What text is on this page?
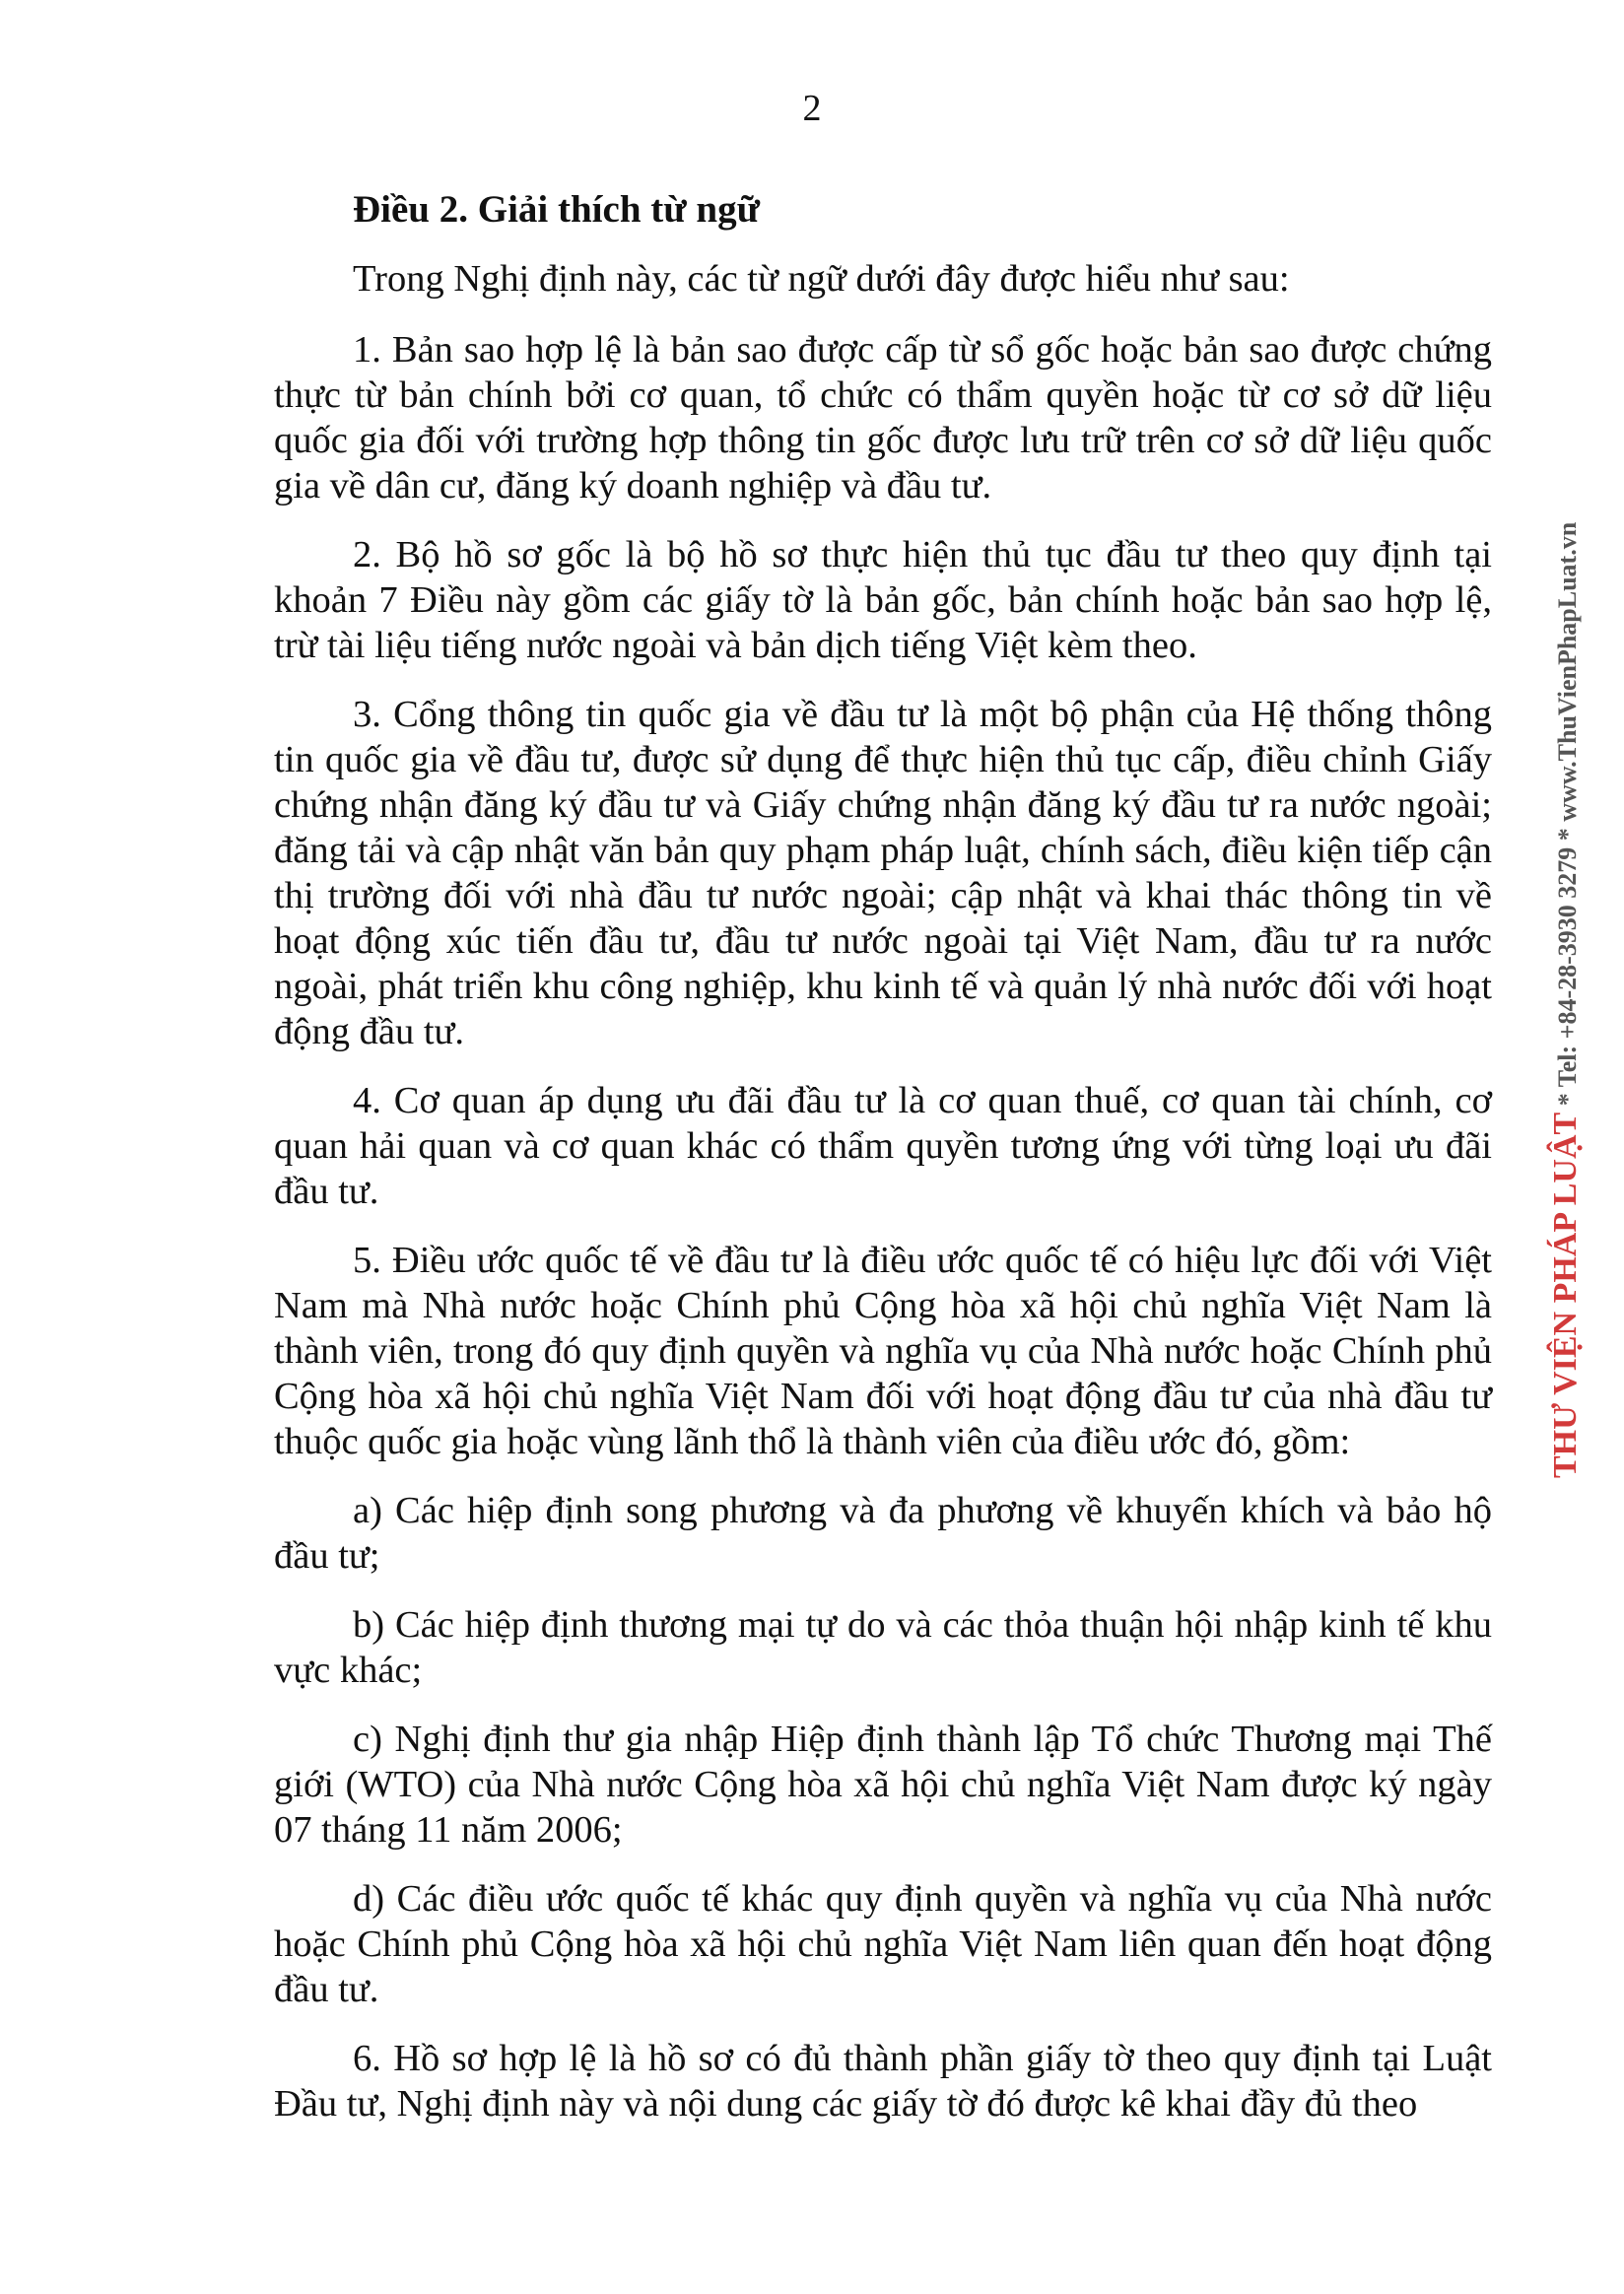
2
Điều 2. Giải thích từ ngữ

Trong Nghị định này, các từ ngữ dưới đây được hiểu như sau:

1. Bản sao hợp lệ là bản sao được cấp từ sổ gốc hoặc bản sao được chứng thực từ bản chính bởi cơ quan, tổ chức có thẩm quyền hoặc từ cơ sở dữ liệu quốc gia đối với trường hợp thông tin gốc được lưu trữ trên cơ sở dữ liệu quốc gia về dân cư, đăng ký doanh nghiệp và đầu tư.

2. Bộ hồ sơ gốc là bộ hồ sơ thực hiện thủ tục đầu tư theo quy định tại khoản 7 Điều này gồm các giấy tờ là bản gốc, bản chính hoặc bản sao hợp lệ, trừ tài liệu tiếng nước ngoài và bản dịch tiếng Việt kèm theo.

3. Cổng thông tin quốc gia về đầu tư là một bộ phận của Hệ thống thông tin quốc gia về đầu tư, được sử dụng để thực hiện thủ tục cấp, điều chỉnh Giấy chứng nhận đăng ký đầu tư và Giấy chứng nhận đăng ký đầu tư ra nước ngoài; đăng tải và cập nhật văn bản quy phạm pháp luật, chính sách, điều kiện tiếp cận thị trường đối với nhà đầu tư nước ngoài; cập nhật và khai thác thông tin về hoạt động xúc tiến đầu tư, đầu tư nước ngoài tại Việt Nam, đầu tư ra nước ngoài, phát triển khu công nghiệp, khu kinh tế và quản lý nhà nước đối với hoạt động đầu tư.

4. Cơ quan áp dụng ưu đãi đầu tư là cơ quan thuế, cơ quan tài chính, cơ quan hải quan và cơ quan khác có thẩm quyền tương ứng với từng loại ưu đãi đầu tư.

5. Điều ước quốc tế về đầu tư là điều ước quốc tế có hiệu lực đối với Việt Nam mà Nhà nước hoặc Chính phủ Cộng hòa xã hội chủ nghĩa Việt Nam là thành viên, trong đó quy định quyền và nghĩa vụ của Nhà nước hoặc Chính phủ Cộng hòa xã hội chủ nghĩa Việt Nam đối với hoạt động đầu tư của nhà đầu tư thuộc quốc gia hoặc vùng lãnh thổ là thành viên của điều ước đó, gồm:

a) Các hiệp định song phương và đa phương về khuyến khích và bảo hộ đầu tư;

b) Các hiệp định thương mại tự do và các thỏa thuận hội nhập kinh tế khu vực khác;

c) Nghị định thư gia nhập Hiệp định thành lập Tổ chức Thương mại Thế giới (WTO) của Nhà nước Cộng hòa xã hội chủ nghĩa Việt Nam được ký ngày 07 tháng 11 năm 2006;

d) Các điều ước quốc tế khác quy định quyền và nghĩa vụ của Nhà nước hoặc Chính phủ Cộng hòa xã hội chủ nghĩa Việt Nam liên quan đến hoạt động đầu tư.

6. Hồ sơ hợp lệ là hồ sơ có đủ thành phần giấy tờ theo quy định tại Luật Đầu tư, Nghị định này và nội dung các giấy tờ đó được kê khai đầy đủ theo

THƯ VIỆN PHÁP LUẬT * Tel: +84-28-3930 3279 * www.ThuVienPhapLuat.vn
